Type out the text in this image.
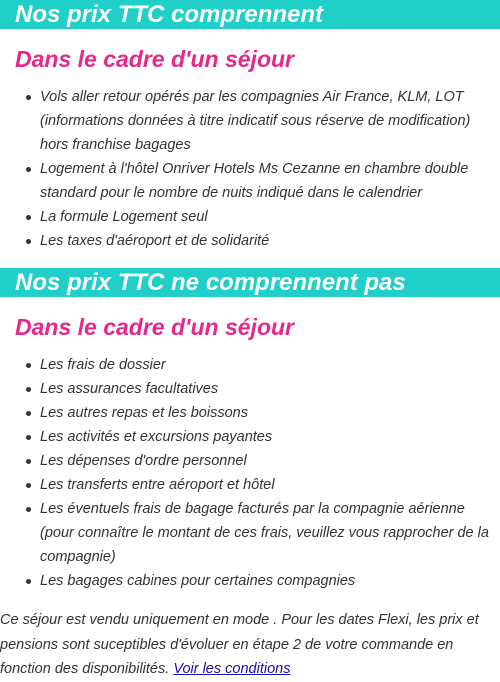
Nos prix TTC comprennent
Dans le cadre d'un séjour
Vols aller retour opérés par les compagnies Air France, KLM, LOT (informations données à titre indicatif sous réserve de modification) hors franchise bagages
Logement à l'hôtel Onriver Hotels Ms Cezanne en chambre double standard pour le nombre de nuits indiqué dans le calendrier
La formule Logement seul
Les taxes d'aéroport et de solidarité
Nos prix TTC ne comprennent pas
Dans le cadre d'un séjour
Les frais de dossier
Les assurances facultatives
Les autres repas et les boissons
Les activités et excursions payantes
Les dépenses d'ordre personnel
Les transferts entre aéroport et hôtel
Les éventuels frais de bagage facturés par la compagnie aérienne (pour connaître le montant de ces frais, veuillez vous rapprocher de la compagnie)
Les bagages cabines pour certaines compagnies
Ce séjour est vendu uniquement en mode . Pour les dates Flexi, les prix et pensions sont suceptibles d'évoluer en étape 2 de votre commande en fonction des disponibilités. Voir les conditions
